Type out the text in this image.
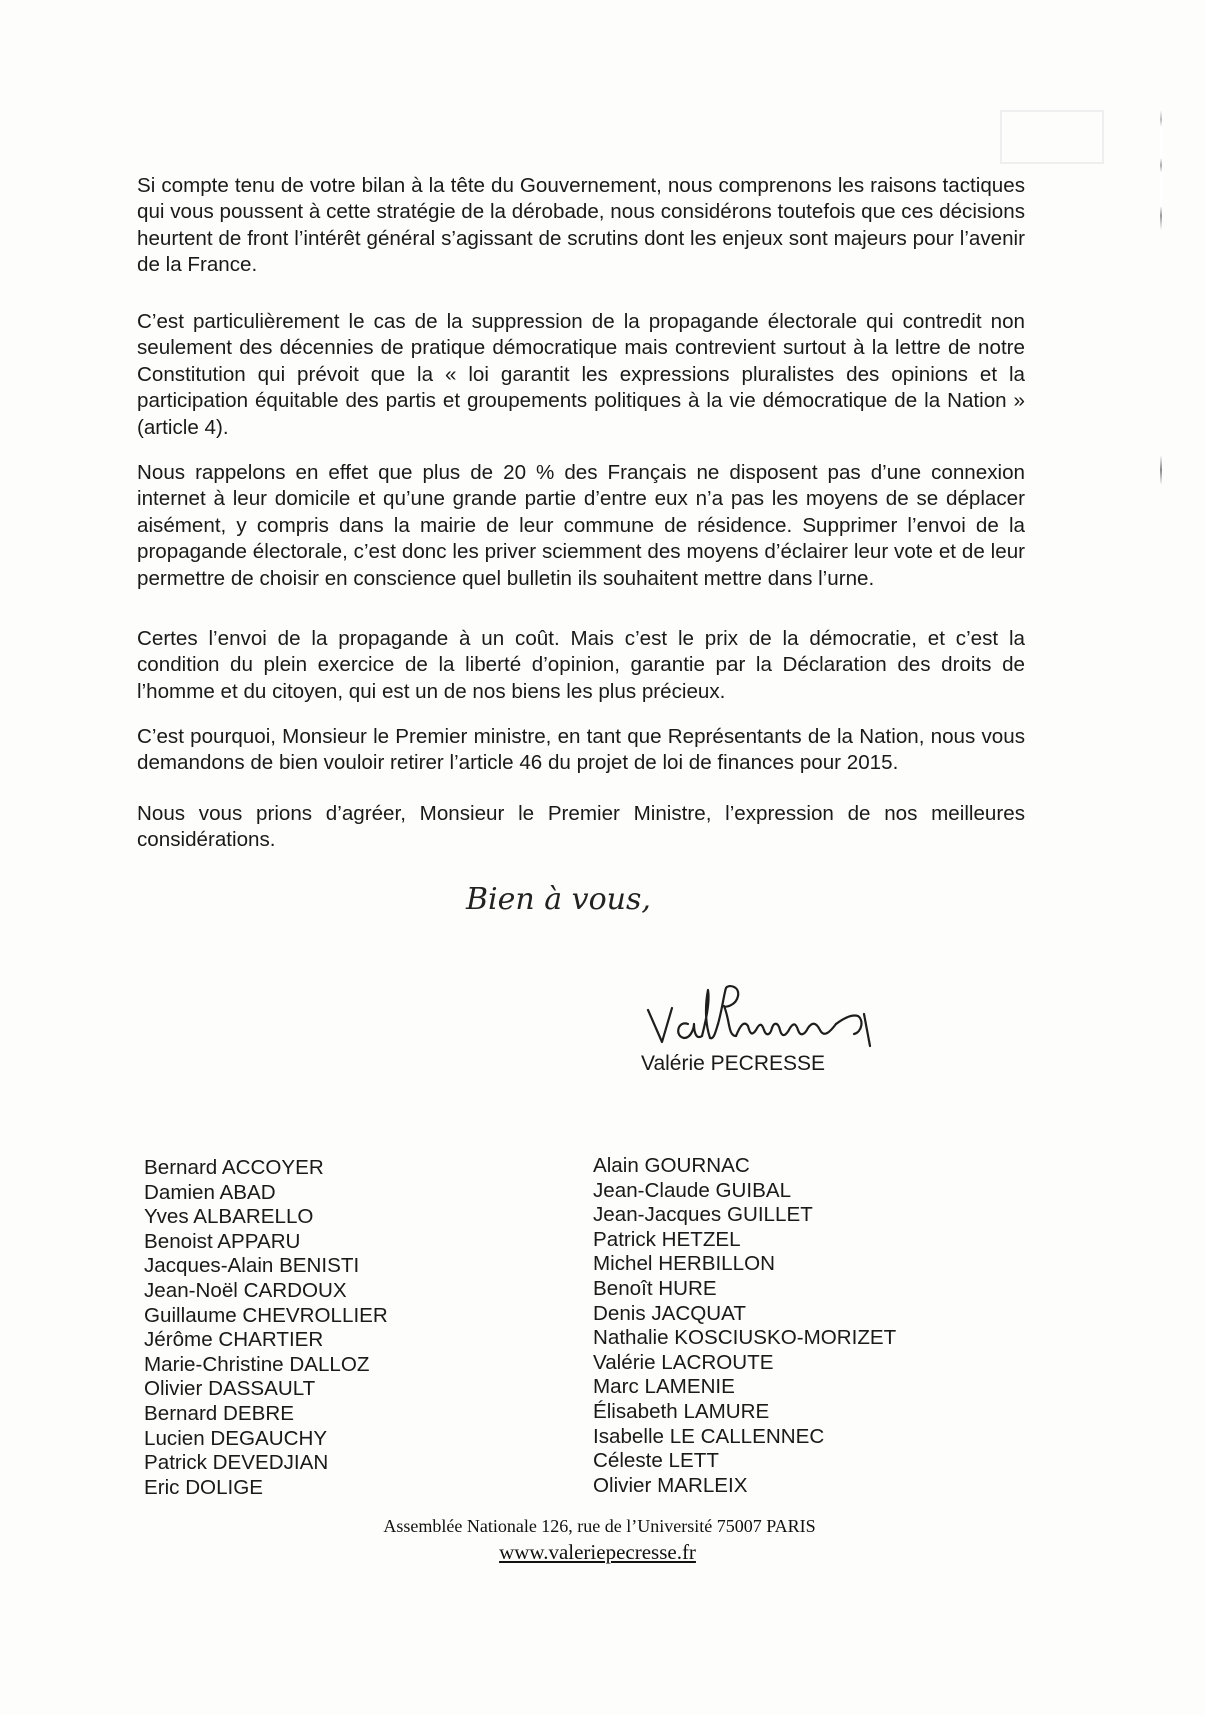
Si compte tenu de votre bilan à la tête du Gouvernement, nous comprenons les raisons tactiques qui vous poussent à cette stratégie de la dérobade, nous considérons toutefois que ces décisions heurtent de front l’intérêt général s’agissant de scrutins dont les enjeux sont majeurs pour l’avenir de la France.
C’est particulièrement le cas de la suppression de la propagande électorale qui contredit non seulement des décennies de pratique démocratique mais contrevient surtout à la lettre de notre Constitution qui prévoit que la « loi garantit les expressions pluralistes des opinions et la participation équitable des partis et groupements politiques à la vie démocratique de la Nation » (article 4).
Nous rappelons en effet que plus de 20 % des Français ne disposent pas d’une connexion internet à leur domicile et qu’une grande partie d’entre eux n’a pas les moyens de se déplacer aisément, y compris dans la mairie de leur commune de résidence. Supprimer l’envoi de la propagande électorale, c’est donc les priver sciemment des moyens d’éclairer leur vote et de leur permettre de choisir en conscience quel bulletin ils souhaitent mettre dans l’urne.
Certes l’envoi de la propagande à un coût. Mais c’est le prix de la démocratie, et c’est la condition du plein exercice de la liberté d’opinion, garantie par la Déclaration des droits de l’homme et du citoyen, qui est un de nos biens les plus précieux.
C’est pourquoi, Monsieur le Premier ministre, en tant que Représentants de la Nation, nous vous demandons de bien vouloir retirer l’article 46 du projet de loi de finances pour 2015.
Nous vous prions d’agréer, Monsieur le Premier Ministre, l’expression de nos meilleures considérations.
Bien à vous,
Valérie PECRESSE
Bernard ACCOYER
Damien ABAD
Yves ALBARELLO
Benoist APPARU
Jacques-Alain BENISTI
Jean-Noël CARDOUX
Guillaume CHEVROLLIER
Jérôme CHARTIER
Marie-Christine DALLOZ
Olivier DASSAULT
Bernard DEBRE
Lucien DEGAUCHY
Patrick DEVEDJIAN
Eric DOLIGE
Alain GOURNAC
Jean-Claude GUIBAL
Jean-Jacques GUILLET
Patrick HETZEL
Michel HERBILLON
Benoît HURE
Denis JACQUAT
Nathalie KOSCIUSKO-MORIZET
Valérie LACROUTE
Marc LAMENIE
Élisabeth LAMURE
Isabelle LE CALLENNEC
Céleste LETT
Olivier MARLEIX
Assemblée Nationale 126, rue de l’Université 75007 PARIS
www.valeriepecresse.fr
